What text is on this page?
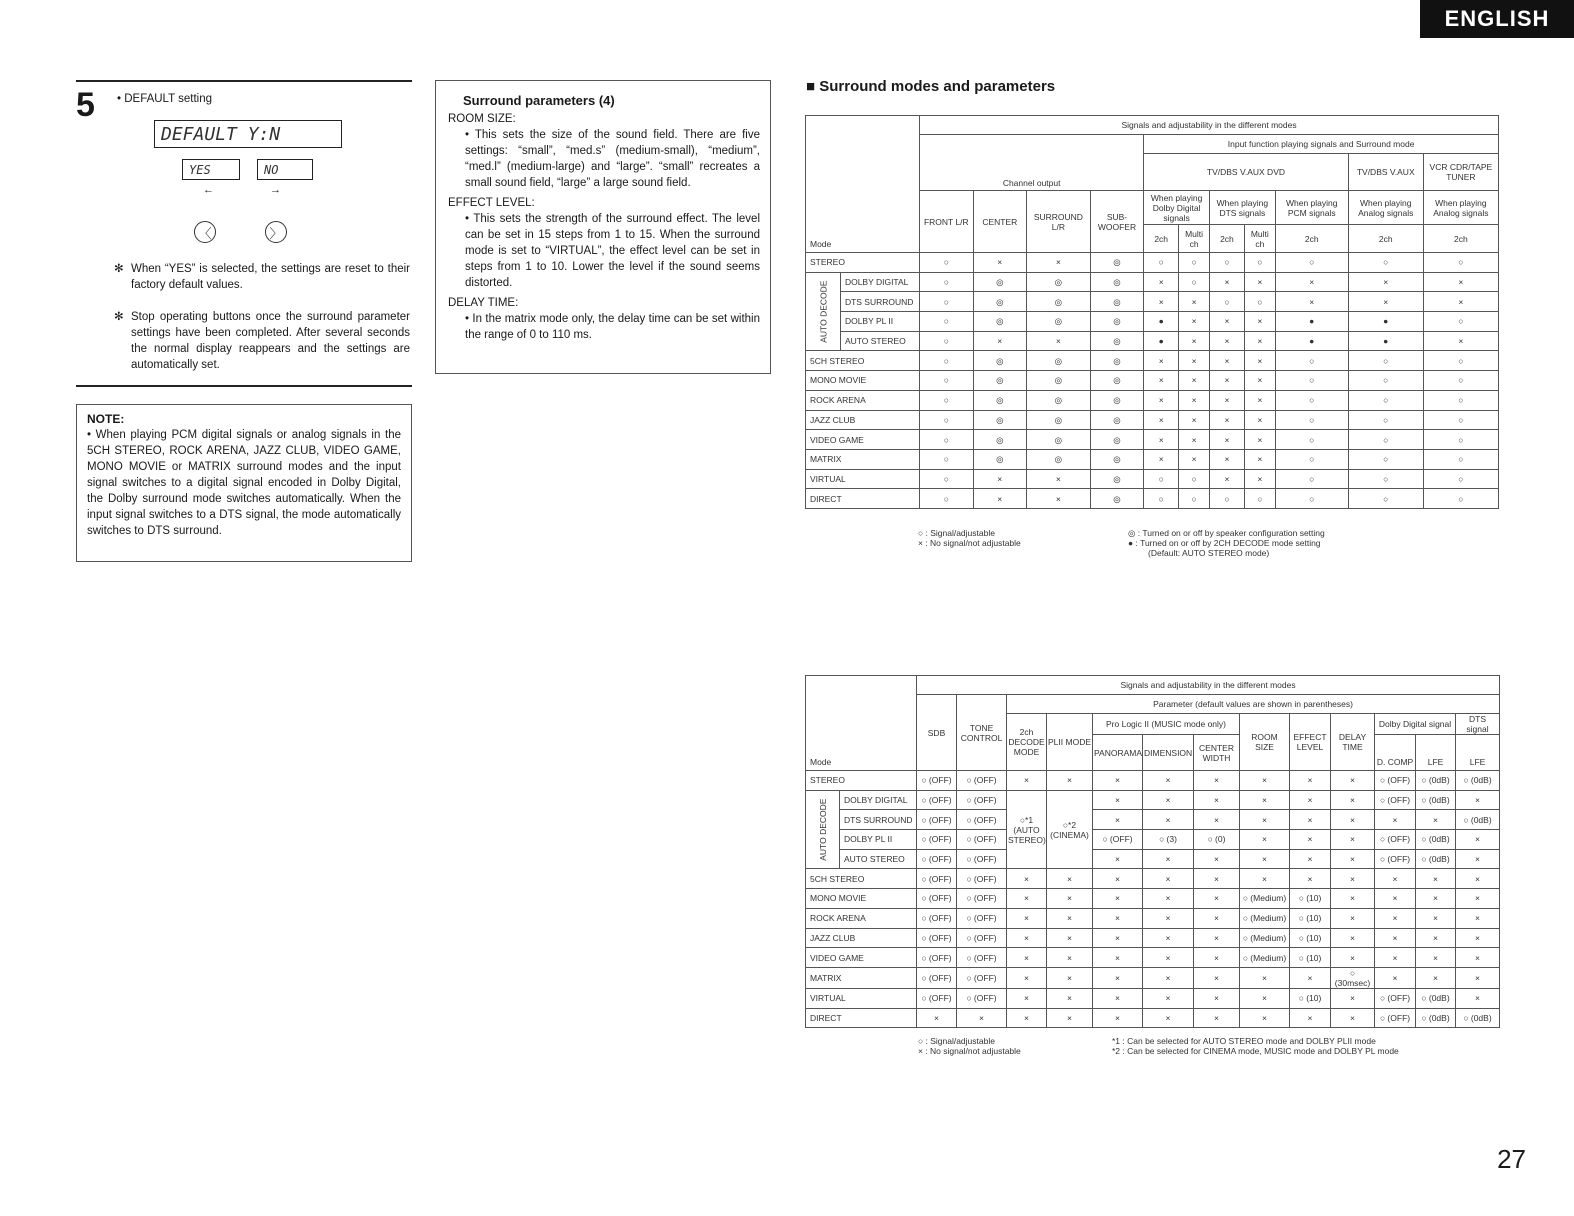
ENGLISH
27
5 • DEFAULT setting
DEFAULT Y:N
YES	NO
←	→
〈	〉
✻ When “YES” is selected, the settings are reset to their factory default values.
✻ Stop operating buttons once the surround parameter settings have been completed. After several seconds the normal display reappears and the settings are automatically set.
NOTE:
• When playing PCM digital signals or analog signals in the 5CH STEREO, ROCK ARENA, JAZZ CLUB, VIDEO GAME, MONO MOVIE or MATRIX surround modes and the input signal switches to a digital signal encoded in Dolby Digital, the Dolby surround mode switches automatically. When the input signal switches to a DTS signal, the mode automatically switches to DTS surround.
Surround parameters (4)
ROOM SIZE:
• This sets the size of the sound field. There are five settings: “small”, “med.s” (medium-small), “medium”, “med.l” (medium-large) and “large”. “small” recreates a small sound field, “large” a large sound field.
EFFECT LEVEL:
• This sets the strength of the surround effect. The level can be set in 15 steps from 1 to 15. When the surround mode is set to “VIRTUAL”, the effect level can be set in steps from 1 to 10. Lower the level if the sound seems distorted.
DELAY TIME:
• In the matrix mode only, the delay time can be set within the range of 0 to 110 ms.
■ Surround modes and parameters
Mode		Signals and adjustability in the different modes										
		Channel output				Input function playing signals and Surround mode						
						TV/DBS V.AUX DVD					TV/DBS V.AUX	VCR CDR/TAPE TUNER
		FRONT L/R	CENTER	SURROUND L/R	SUB-WOOFER	When playing Dolby Digital signals		When playing DTS signals		When playing PCM signals	When playing Analog signals	When playing Analog signals
						2ch	Multi ch	2ch	Multi ch	2ch	2ch	2ch
STEREO		○	×	×	◎	○	○	○	○	○	○	○
AUTO DECODE	DOLBY DIGITAL	○	◎	◎	◎	×	○	×	×	×	×	×
	DTS SURROUND	○	◎	◎	◎	×	×	○	○	×	×	×
	DOLBY PL II	○	◎	◎	◎	●	×	×	×	●	●	○
	AUTO STEREO	○	×	×	◎	●	×	×	×	●	●	×
5CH STEREO		○	◎	◎	◎	×	×	×	×	○	○	○
MONO MOVIE		○	◎	◎	◎	×	×	×	×	○	○	○
ROCK ARENA		○	◎	◎	◎	×	×	×	×	○	○	○
JAZZ CLUB		○	◎	◎	◎	×	×	×	×	○	○	○
VIDEO GAME		○	◎	◎	◎	×	×	×	×	○	○	○
MATRIX		○	◎	◎	◎	×	×	×	×	○	○	○
VIRTUAL		○	×	×	◎	○	○	×	×	○	○	○
DIRECT		○	×	×	◎	○	○	○	○	○	○	○
○ : Signal/adjustable
× : No signal/not adjustable
◎ : Turned on or off by speaker configuration setting
● : Turned on or off by 2CH DECODE mode setting
(Default: AUTO STEREO mode)
Mode		Signals and adjustability in the different modes												
		SDB	TONE CONTROL	Parameter (default values are shown in parentheses)										
				2ch DECODE MODE	PLII MODE	Pro Logic II (MUSIC mode only)			ROOM SIZE	EFFECT LEVEL	DELAY TIME	Dolby Digital signal		DTS signal
						PANORAMA	DIMENSION	CENTER WIDTH				D. COMP	LFE	LFE
STEREO		○ (OFF)	○ (OFF)	×	×	×	×	×	×	×	×	○ (OFF)	○ (0dB)	○ (0dB)
AUTO DECODE	DOLBY DIGITAL	○ (OFF)	○ (OFF)	○*1 (AUTO STEREO)	○*2 (CINEMA)	×	×	×	×	×	×	○ (OFF)	○ (0dB)	×
	DTS SURROUND	○ (OFF)	○ (OFF)			×	×	×	×	×	×	×	×	○ (0dB)
	DOLBY PL II	○ (OFF)	○ (OFF)			○ (OFF)	○ (3)	○ (0)	×	×	×	○ (OFF)	○ (0dB)	×
	AUTO STEREO	○ (OFF)	○ (OFF)			×	×	×	×	×	×	○ (OFF)	○ (0dB)	×
5CH STEREO		○ (OFF)	○ (OFF)	×	×	×	×	×	×	×	×	×	×	×
MONO MOVIE		○ (OFF)	○ (OFF)	×	×	×	×	×	○ (Medium)	○ (10)	×	×	×	×
ROCK ARENA		○ (OFF)	○ (OFF)	×	×	×	×	×	○ (Medium)	○ (10)	×	×	×	×
JAZZ CLUB		○ (OFF)	○ (OFF)	×	×	×	×	×	○ (Medium)	○ (10)	×	×	×	×
VIDEO GAME		○ (OFF)	○ (OFF)	×	×	×	×	×	○ (Medium)	○ (10)	×	×	×	×
MATRIX		○ (OFF)	○ (OFF)	×	×	×	×	×	×	×	○ (30msec)	×	×	×
VIRTUAL		○ (OFF)	○ (OFF)	×	×	×	×	×	×	○ (10)	×	○ (OFF)	○ (0dB)	×
DIRECT		×	×	×	×	×	×	×	×	×	×	○ (OFF)	○ (0dB)	○ (0dB)
○ : Signal/adjustable
× : No signal/not adjustable
*1 : Can be selected for AUTO STEREO mode and DOLBY PLII mode
*2 : Can be selected for CINEMA mode, MUSIC mode and DOLBY PL mode
